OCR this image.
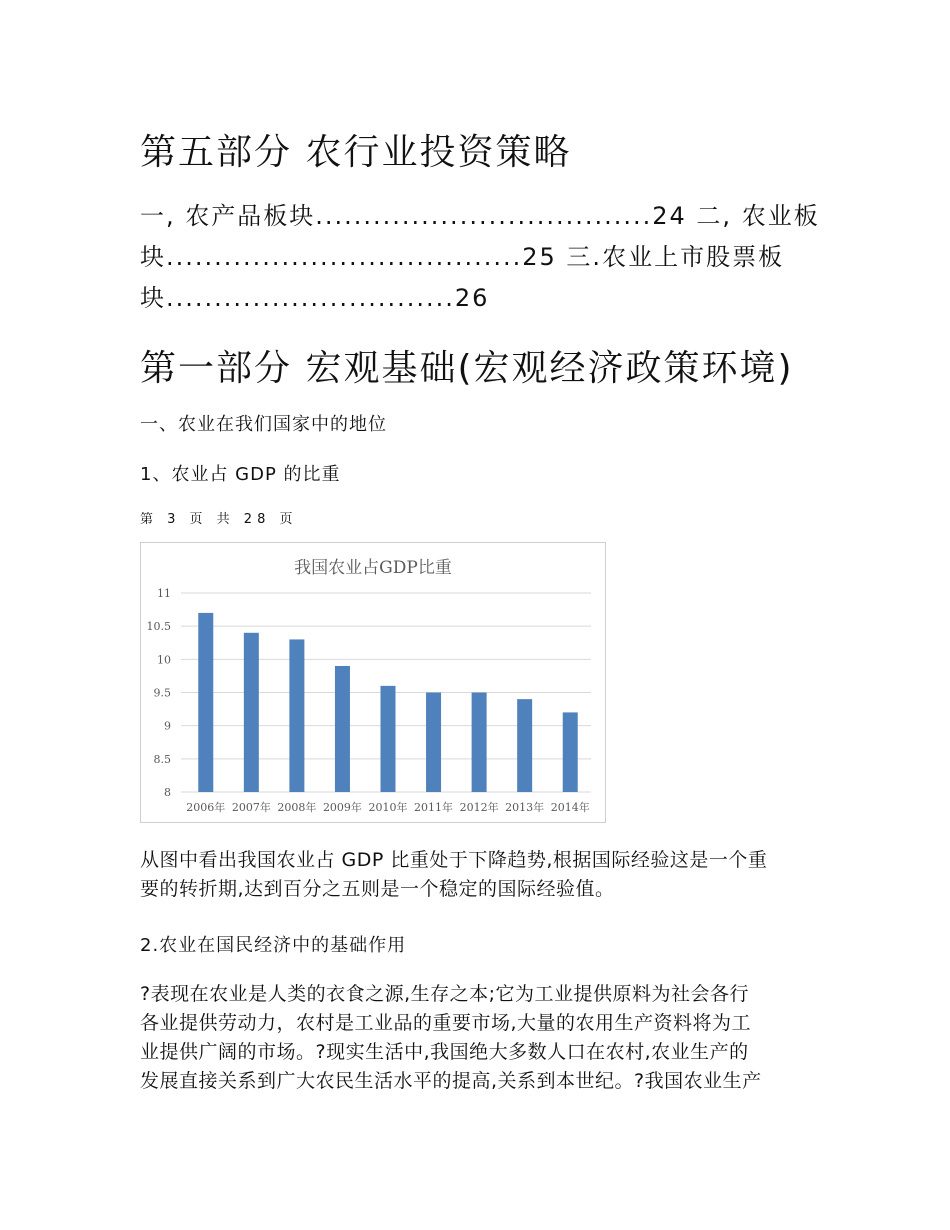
第五部分 农行业投资策略
一, 农产品板块...................................24 二, 农业板
块.....................................25 三.农业上市股票板
块..............................26
第一部分 宏观基础(宏观经济政策环境)
一、农业在我们国家中的地位
1、农业占 GDP 的比重
第 3 页 共 28 页
我国农业占GDP比重
2006年 2007年 2008年 2009年 2010年 2011年 2012年 2013年 2014年
11
10.5
10
9.5
9
8.5
8

从图中看出我国农业占 GDP 比重处于下降趋势,根据国际经验这是一个重

要的转折期,达到百分之五则是一个稳定的国际经验值。

2.农业在国民经济中的基础作用

?表现在农业是人类的衣食之源,生存之本;它为工业提供原料为社会各行

各业提供劳动力，农村是工业品的重要市场,大量的农用生产资料将为工

业提供广阔的市场。?现实生活中,我国绝大多数人口在农村,农业生产的

发展直接关系到广大农民生活水平的提高,关系到本世纪。?我国农业生产
